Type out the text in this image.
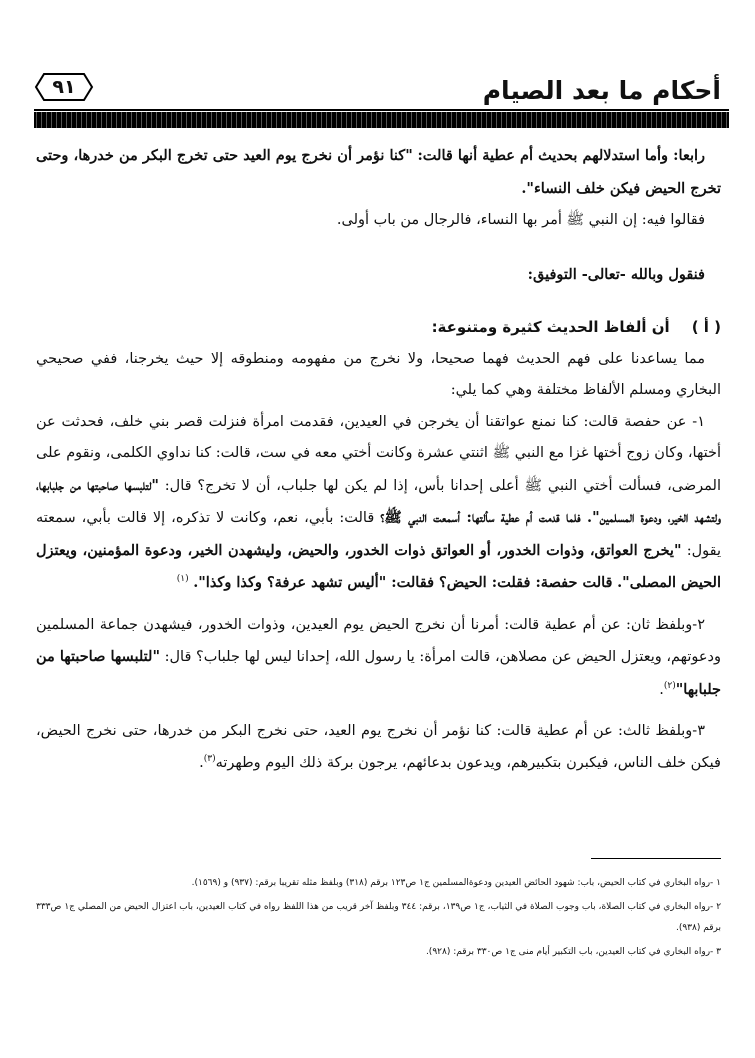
أحكام ما بعد الصيام
٩١

رابعا: وأما استدلالهم بحديث أم عطية أنها قالت: "كنا نؤمر أن نخرج يوم العيد حتى تخرج البكر من خدرها، وحتى تخرج الحيض فيكن خلف النساء".

فقالوا فيه: إن النبي ﷺ أمر بها النساء، فالرجال من باب أولى.

فنقول وبالله -تعالى- التوفيق:

( أ )
أن ألفاظ الحديث كثيرة ومتنوعة:

مما يساعدنا على فهم الحديث فهما صحيحا، ولا نخرج من مفهومه ومنطوقه إلا حيث يخرجنا، ففي صحيحي البخاري ومسلم الألفاظ مختلفة وهي كما يلي:

١- عن حفصة قالت: كنا نمنع عواتقنا أن يخرجن في العيدين، فقدمت امرأة فنزلت قصر بني خلف، فحدثت عن أختها، وكان زوج أختها غزا مع النبي ﷺ اثنتي عشرة وكانت أختي معه في ست، قالت: كنا نداوي الكلمى، ونقوم على المرضى، فسألت أختي النبي ﷺ أعلى إحدانا بأس، إذا لم يكن لها جلباب، أن لا تخرج؟ قال: "لتلبسها صاحبتها من جلبابها، ولتشهد الخير، ودعوة المسلمين". فلما قدمت أم عطية سألتها: أسمعت النبي ﷺ؟ قالت: بأبي، نعم، وكانت لا تذكره، إلا قالت بأبي، سمعته يقول: "يخرج العواتق، وذوات الخدور، أو العواتق ذوات الخدور، والحيض، وليشهدن الخير، ودعوة المؤمنين، ويعتزل الحيض المصلى". قالت حفصة: فقلت: الحيض؟ فقالت: "أليس تشهد عرفة؟ وكذا وكذا". $^{(١)}$

٢-وبلفظ ثان: عن أم عطية قالت: أمرنا أن نخرج الحيض يوم العيدين، وذوات الخدور، فيشهدن جماعة المسلمين ودعوتهم، ويعتزل الحيض عن مصلاهن، قالت امرأة: يا رسول الله، إحدانا ليس لها جلباب؟ قال: "لتلبسها صاحبتها من جلبابها"$^{(٢)}$.

٣-وبلفظ ثالث: عن أم عطية قالت: كنا نؤمر أن نخرج يوم العيد، حتى نخرج البكر من خدرها، حتى نخرج الحيض، فيكن خلف الناس، فيكبرن بتكبيرهم، ويدعون بدعائهم، يرجون بركة ذلك اليوم وطهرته$^{(٣)}$.

١ -رواه البخاري في كتاب الحيض، باب: شهود الحائض العيدين ودعوةالمسلمين ج١ ص١٢٣ برقم (٣١٨) وبلفظ مثله تقريبا برقم: (٩٣٧) و (١٥٦٩).

٢ -رواه البخاري في كتاب الصلاة، باب وجوب الصلاة في الثياب، ج١ ص١٣٩، برقم: ٣٤٤ وبلفظ آخر قريب من هذا اللفظ رواه في كتاب العيدين، باب اعتزال الحيض من المصلي ج١ ص٣٣٣ برقم (٩٣٨).

٣ -رواه البخاري في كتاب العيدين، باب التكبير أيام منى ج١ ص٣٣٠ برقم: (٩٢٨).
